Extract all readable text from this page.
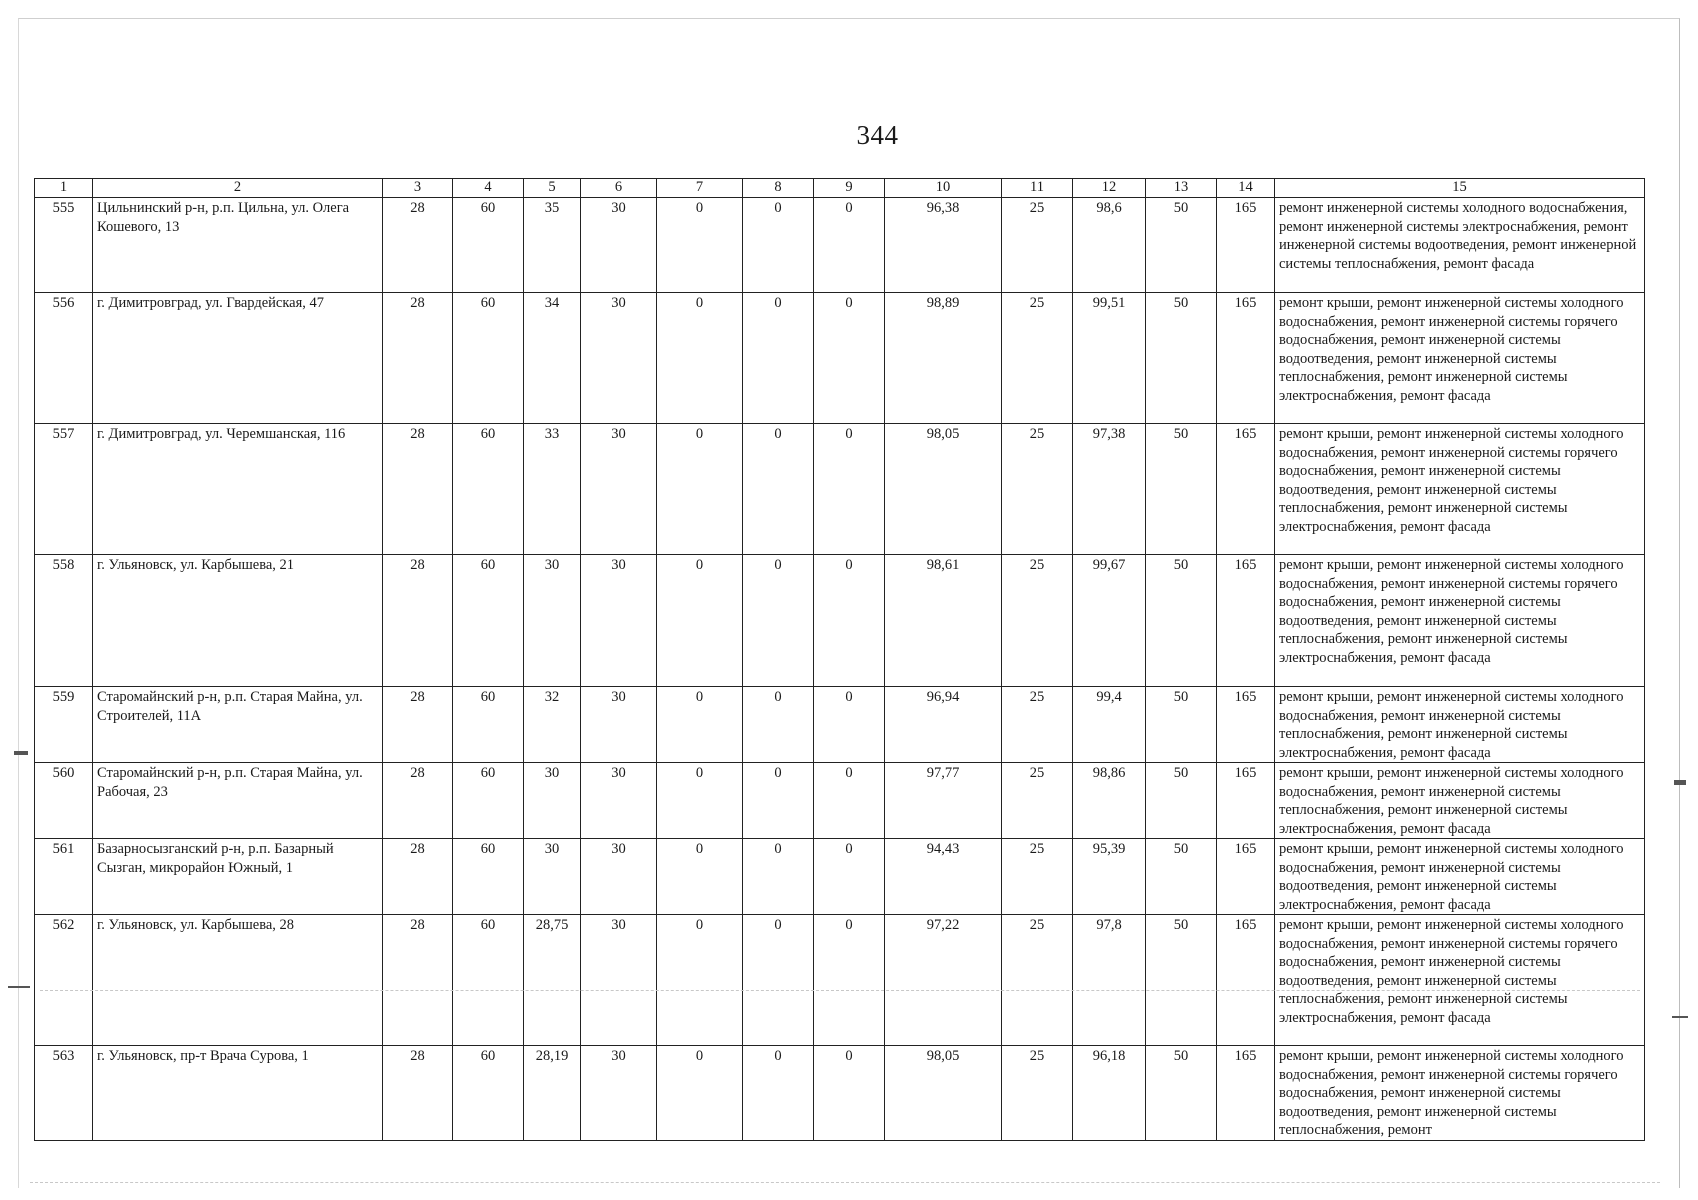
344
1	2	3	4	5	6	7	8	9	10	11	12	13	14	15
555	Цильнинский р-н, р.п. Цильна, ул. Олега Кошевого, 13	28	60	35	30	0	0	0	96,38	25	98,6	50	165	ремонт инженерной системы холодного водоснабжения, ремонт инженерной системы электроснабжения, ремонт инженерной системы водоотведения, ремонт инженерной системы теплоснабжения, ремонт фасада
556	г. Димитровград, ул. Гвардейская, 47	28	60	34	30	0	0	0	98,89	25	99,51	50	165	ремонт крыши, ремонт инженерной системы холодного водоснабжения, ремонт инженерной системы горячего водоснабжения, ремонт инженерной системы водоотведения, ремонт инженерной системы теплоснабжения, ремонт инженерной системы электроснабжения, ремонт фасада
557	г. Димитровград, ул. Черемшанская, 116	28	60	33	30	0	0	0	98,05	25	97,38	50	165	ремонт крыши, ремонт инженерной системы холодного водоснабжения, ремонт инженерной системы горячего водоснабжения, ремонт инженерной системы водоотведения, ремонт инженерной системы теплоснабжения, ремонт инженерной системы электроснабжения, ремонт фасада
558	г. Ульяновск, ул. Карбышева, 21	28	60	30	30	0	0	0	98,61	25	99,67	50	165	ремонт крыши, ремонт инженерной системы холодного водоснабжения, ремонт инженерной системы горячего водоснабжения, ремонт инженерной системы водоотведения, ремонт инженерной системы теплоснабжения, ремонт инженерной системы электроснабжения, ремонт фасада
559	Старомайнский р-н, р.п. Старая Майна, ул. Строителей, 11А	28	60	32	30	0	0	0	96,94	25	99,4	50	165	ремонт крыши, ремонт инженерной системы холодного водоснабжения, ремонт инженерной системы теплоснабжения, ремонт инженерной системы электроснабжения, ремонт фасада
560	Старомайнский р-н, р.п. Старая Майна, ул. Рабочая, 23	28	60	30	30	0	0	0	97,77	25	98,86	50	165	ремонт крыши, ремонт инженерной системы холодного водоснабжения, ремонт инженерной системы теплоснабжения, ремонт инженерной системы электроснабжения, ремонт фасада
561	Базарносызганский р-н, р.п. Базарный Сызган, микрорайон Южный, 1	28	60	30	30	0	0	0	94,43	25	95,39	50	165	ремонт крыши, ремонт инженерной системы холодного водоснабжения, ремонт инженерной системы водоотведения, ремонт инженерной системы электроснабжения, ремонт фасада
562	г. Ульяновск, ул. Карбышева, 28	28	60	28,75	30	0	0	0	97,22	25	97,8	50	165	ремонт крыши, ремонт инженерной системы холодного водоснабжения, ремонт инженерной системы горячего водоснабжения, ремонт инженерной системы водоотведения, ремонт инженерной системы теплоснабжения, ремонт инженерной системы электроснабжения, ремонт фасада
563	г. Ульяновск, пр-т Врача Сурова, 1	28	60	28,19	30	0	0	0	98,05	25	96,18	50	165	ремонт крыши, ремонт инженерной системы холодного водоснабжения, ремонт инженерной системы горячего водоснабжения, ремонт инженерной системы водоотведения, ремонт инженерной системы теплоснабжения, ремонт
